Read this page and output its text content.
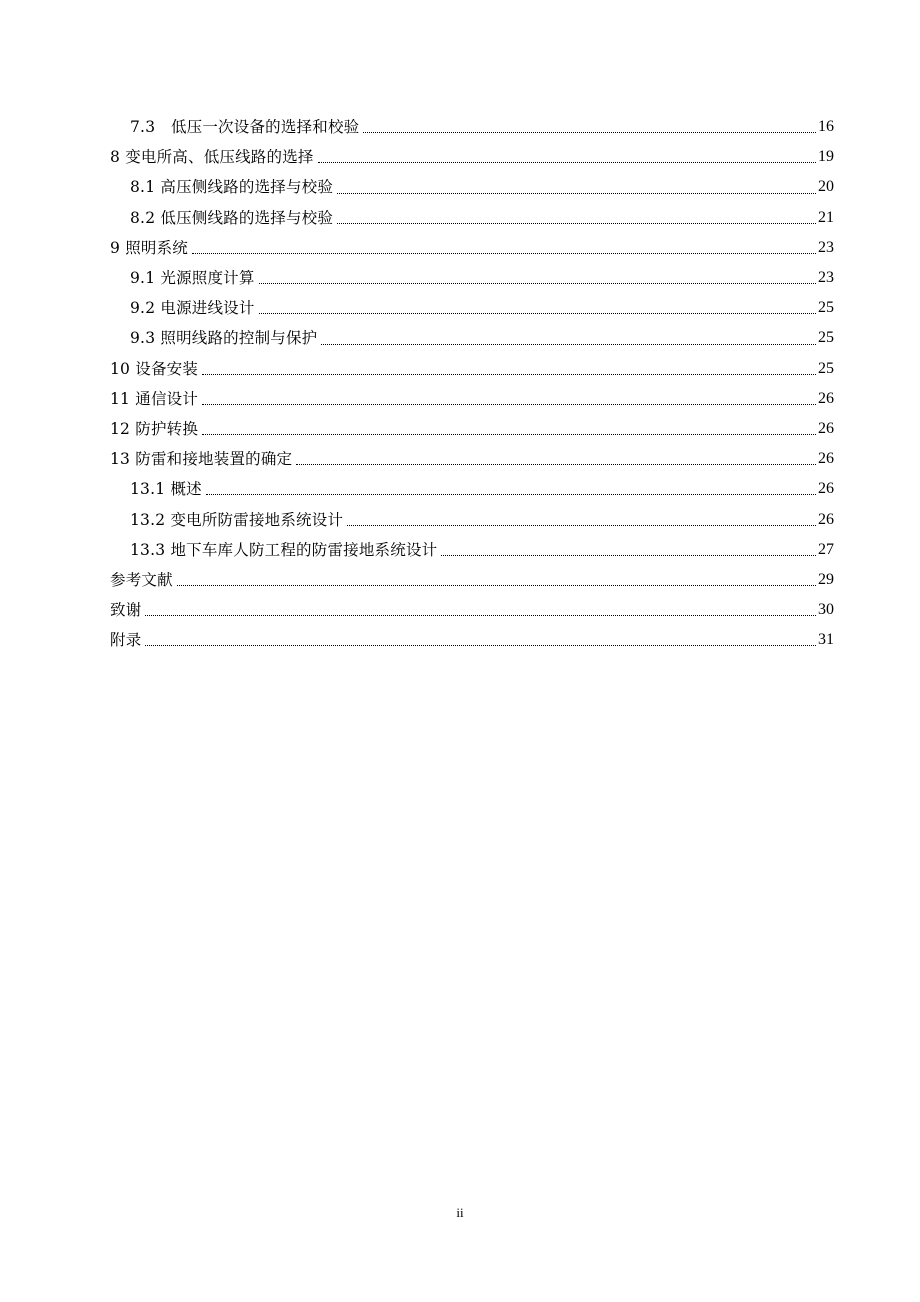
7.3　低压一次设备的选择和校验	16
8 变电所高、低压线路的选择	19
8.1 高压侧线路的选择与校验	20
8.2 低压侧线路的选择与校验	21
9 照明系统	23
9.1 光源照度计算	23
9.2 电源进线设计	25
9.3 照明线路的控制与保护	25
10 设备安装	25
11 通信设计	26
12 防护转换	26
13 防雷和接地装置的确定	26
13.1 概述	26
13.2 变电所防雷接地系统设计	26
13.3 地下车库人防工程的防雷接地系统设计	27
参考文献	29
致谢	30
附录	31
ii
